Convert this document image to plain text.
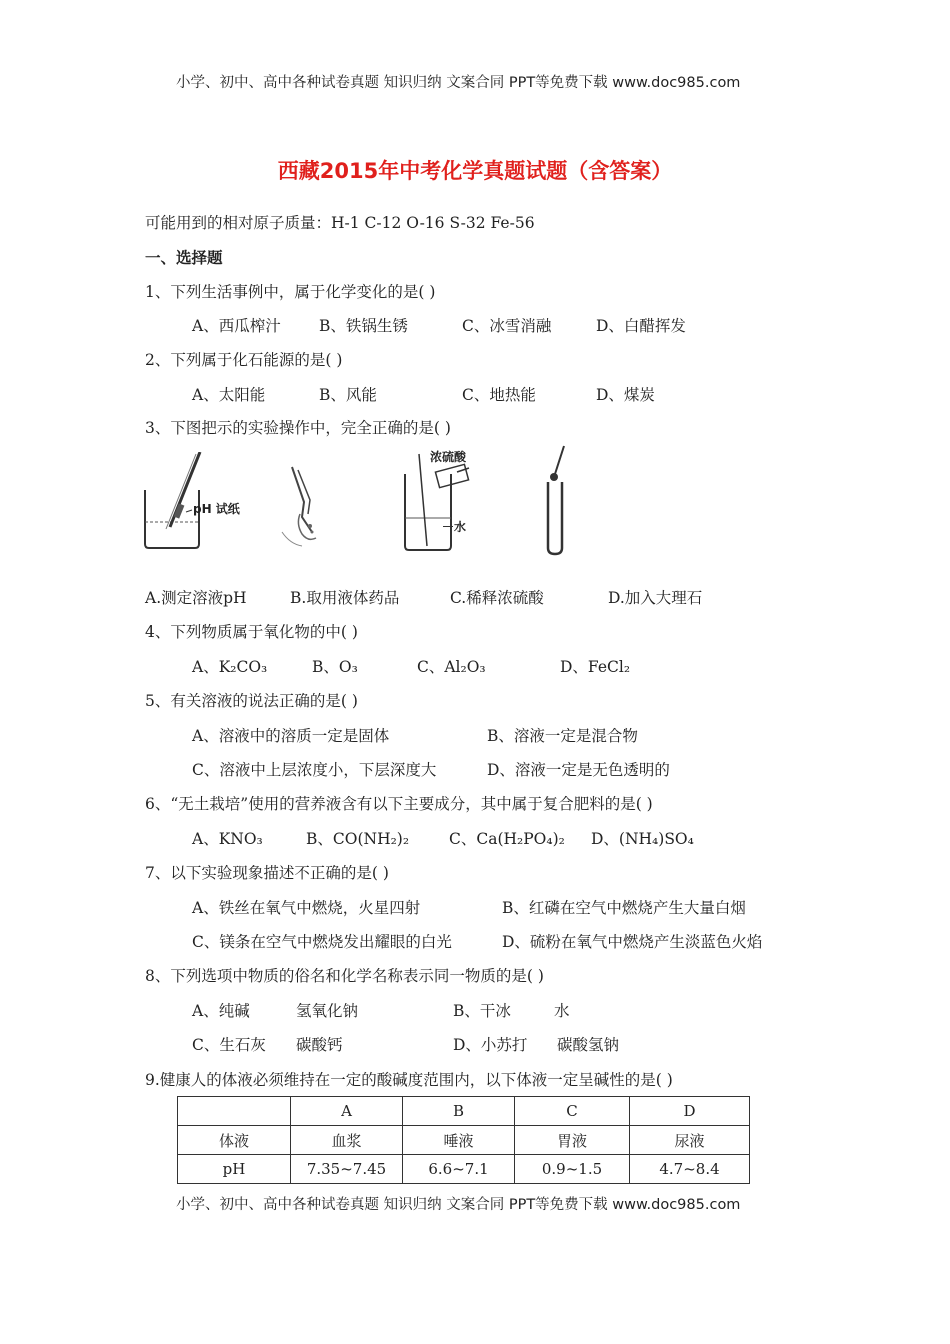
小学、初中、高中各种试卷真题 知识归纳 文案合同 PPT等免费下载 www.doc985.com
西藏2015年中考化学真题试题（含答案）
可能用到的相对原子质量：H-1 C-12 O-16 S-32 Fe-56
一、选择题
1、下列生活事例中，属于化学变化的是( )
A、西瓜榨汁 B、铁锅生锈	C、冰雪消融	D、白醋挥发
2、下列属于化石能源的是( )
A、太阳能	B、风能	C、地热能	D、煤炭
3、下图把示的实验操作中，完全正确的是( )
pH 试纸
浓硫酸
水
A.测定溶液pH	B.取用液体药品	C.稀释浓硫酸	D.加入大理石
4、下列物质属于氧化物的中( )
A、K₂CO₃	B、O₃	C、Al₂O₃	D、FeCl₂
5、有关溶液的说法正确的是( )
A、溶液中的溶质一定是固体	B、溶液一定是混合物
C、溶液中上层浓度小，下层深度大	D、溶液一定是无色透明的
6、“无土栽培”使用的营养液含有以下主要成分，其中属于复合肥料的是( )
A、KNO₃	B、CO(NH₂)₂	C、Ca(H₂PO₄)₂ D、(NH₄)SO₄
7、以下实验现象描述不正确的是( )
A、铁丝在氧气中燃烧，火星四射	B、红磷在空气中燃烧产生大量白烟
C、镁条在空气中燃烧发出耀眼的白光	D、硫粉在氧气中燃烧产生淡蓝色火焰
8、下列选项中物质的俗名和化学名称表示同一物质的是( )
A、纯碱	氢氧化钠	B、干冰	水
C、生石灰 碳酸钙	D、小苏打 碳酸氢钠
9.健康人的体液必须维持在一定的酸碱度范围内，以下体液一定呈碱性的是( )
	A	B	C	D
体液	血浆	唾液	胃液	尿液
pH	7.35~7.45	6.6~7.1	0.9~1.5	4.7~8.4
小学、初中、高中各种试卷真题 知识归纳 文案合同 PPT等免费下载 www.doc985.com
